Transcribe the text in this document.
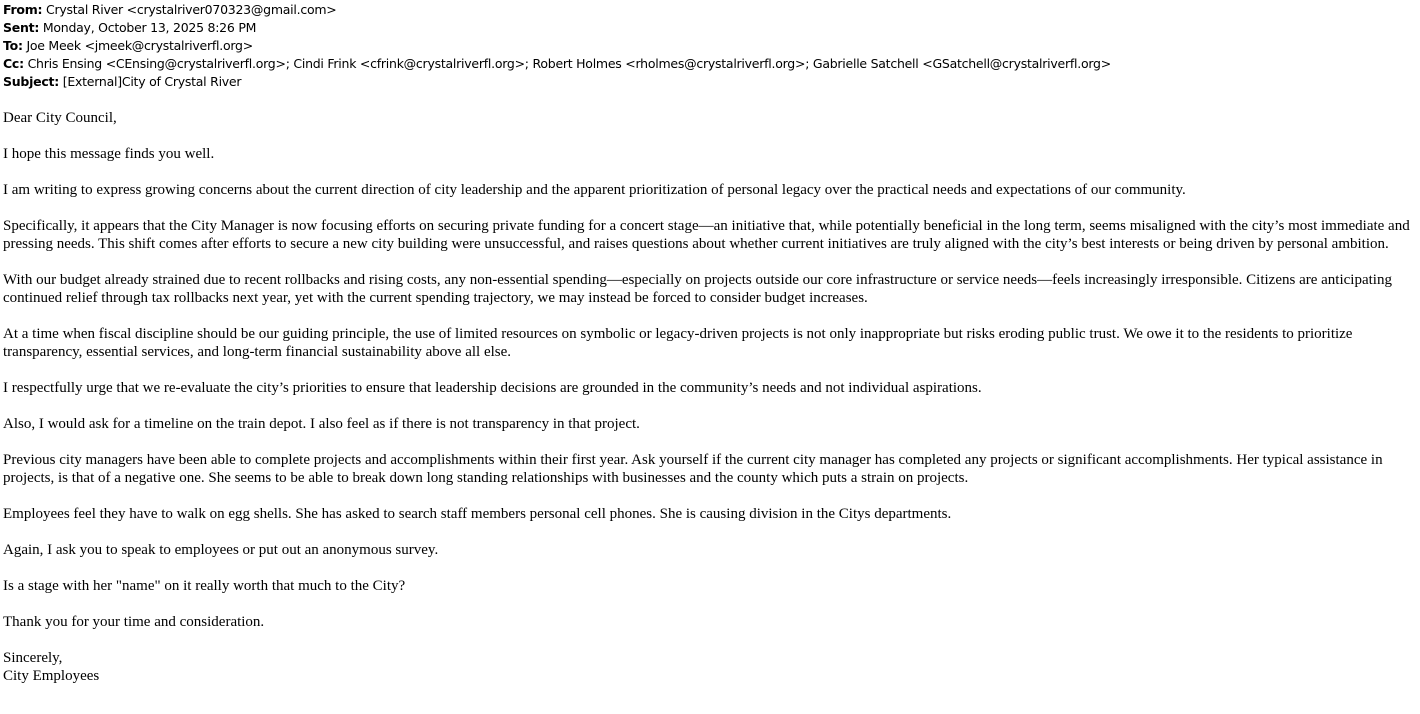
From: Crystal River <crystalriver070323@gmail.com>
Sent: Monday, October 13, 2025 8:26 PM
To: Joe Meek <jmeek@crystalriverfl.org>
Cc: Chris Ensing <CEnsing@crystalriverfl.org>; Cindi Frink <cfrink@crystalriverfl.org>; Robert Holmes <rholmes@crystalriverfl.org>; Gabrielle Satchell <GSatchell@crystalriverfl.org>
Subject: [External]City of Crystal River

Dear City Council,

I hope this message finds you well.

I am writing to express growing concerns about the current direction of city leadership and the apparent prioritization of personal legacy over the practical needs and expectations of our community.

Specifically, it appears that the City Manager is now focusing efforts on securing private funding for a concert stage—an initiative that, while potentially beneficial in the long term, seems misaligned with the city’s most immediate and pressing needs. This shift comes after efforts to secure a new city building were unsuccessful, and raises questions about whether current initiatives are truly aligned with the city’s best interests or being driven by personal ambition.

With our budget already strained due to recent rollbacks and rising costs, any non-essential spending—especially on projects outside our core infrastructure or service needs—feels increasingly irresponsible. Citizens are anticipating continued relief through tax rollbacks next year, yet with the current spending trajectory, we may instead be forced to consider budget increases.

At a time when fiscal discipline should be our guiding principle, the use of limited resources on symbolic or legacy-driven projects is not only inappropriate but risks eroding public trust. We owe it to the residents to prioritize transparency, essential services, and long-term financial sustainability above all else.

I respectfully urge that we re-evaluate the city’s priorities to ensure that leadership decisions are grounded in the community’s needs and not individual aspirations.

Also, I would ask for a timeline on the train depot. I also feel as if there is not transparency in that project.

Previous city managers have been able to complete projects and accomplishments within their first year. Ask yourself if the current city manager has completed any projects or significant accomplishments. Her typical assistance in projects, is that of a negative one. She seems to be able to break down long standing relationships with businesses and the county which puts a strain on projects.

Employees feel they have to walk on egg shells. She has asked to search staff members personal cell phones. She is causing division in the Citys departments.

Again, I ask you to speak to employees or put out an anonymous survey.

Is a stage with her "name" on it really worth that much to the City?

Thank you for your time and consideration.

Sincerely,
City Employees
